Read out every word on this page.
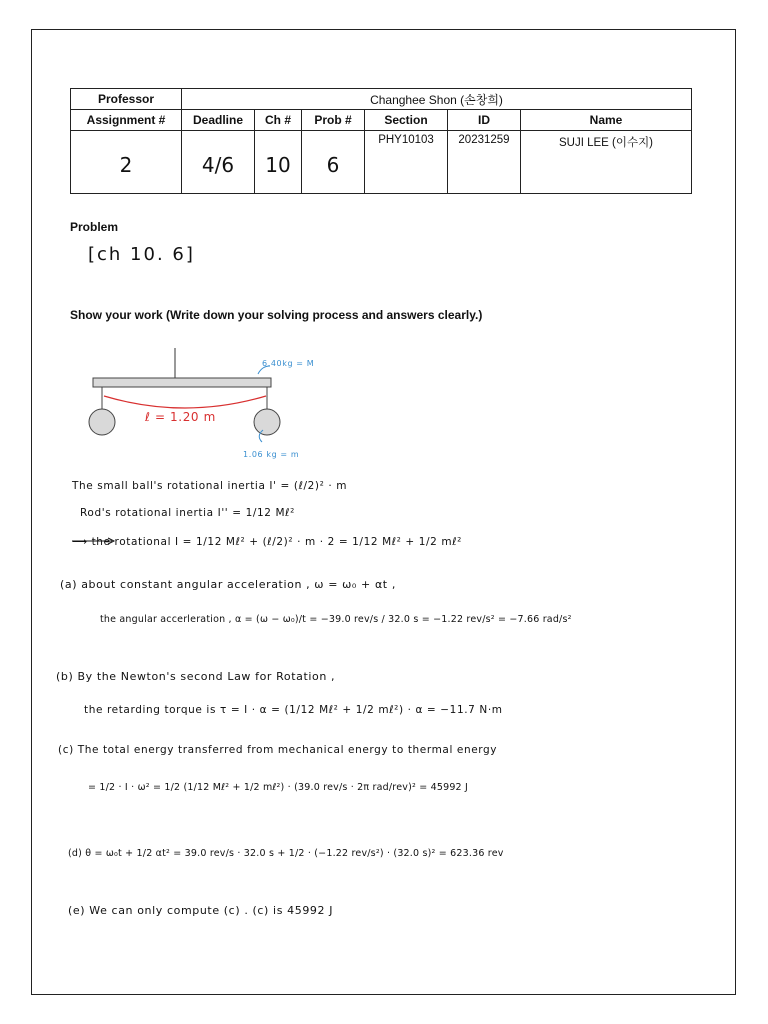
Professor	Changhee Shon (손창희)					
Assignment #	Deadline	Ch #	Prob #	Section	ID	Name

2	4/6	10	6	PHY10103	20231259	SUJI LEE (이수지)
Problem
[ch 10. 6]
Show your work (Write down your solving process and answers clearly.)
6.40kg = M
ℓ = 1.20 m
1.06 kg = m
The small ball's rotational inertia I' = (ℓ/2)² · m
Rod's rotational inertia I'' = 1/12 Mℓ²
⟶ the rotational I = 1/12 Mℓ² + (ℓ/2)² · m · 2 = 1/12 Mℓ² + 1/2 mℓ²
(a) about constant angular acceleration , ω = ω₀ + αt ,
the angular accerleration , α = (ω − ω₀)/t = −39.0 rev/s / 32.0 s = −1.22 rev/s² = −7.66 rad/s²
(b) By the Newton's second Law for Rotation ,
the retarding torque is τ = I · α = (1/12 Mℓ² + 1/2 mℓ²) · α = −11.7 N·m
(c) The total energy transferred from mechanical energy to thermal energy
= 1/2 · I · ω² = 1/2 (1/12 Mℓ² + 1/2 mℓ²) · (39.0 rev/s · 2π rad/rev)² = 45992 J
(d) θ = ω₀t + 1/2 αt² = 39.0 rev/s · 32.0 s + 1/2 · (−1.22 rev/s²) · (32.0 s)² = 623.36 rev
(e) We can only compute (c) . (c) is 45992 J
